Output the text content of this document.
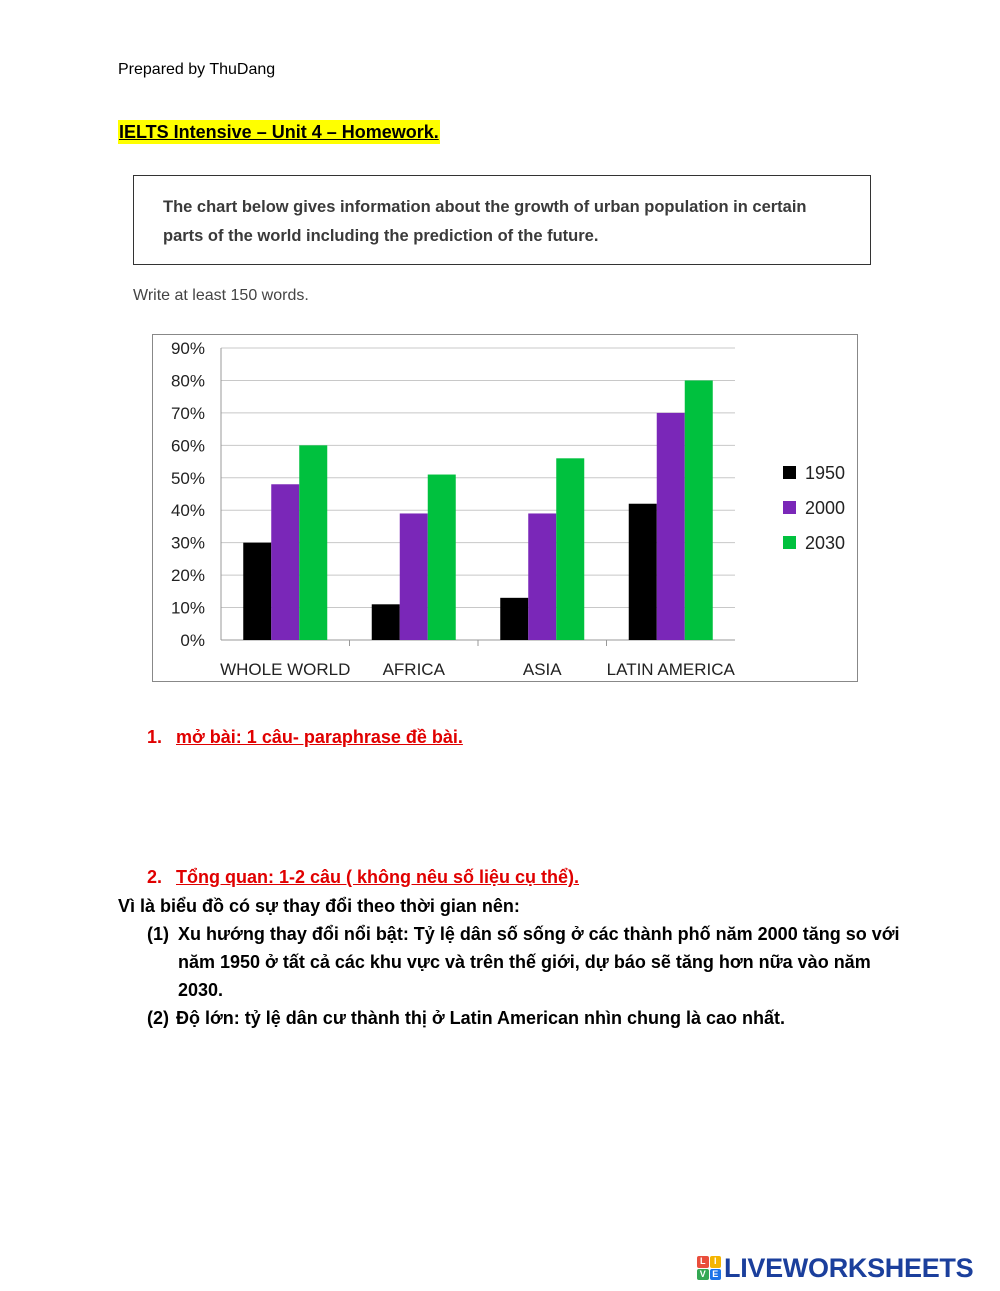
Prepared by ThuDang
IELTS Intensive – Unit 4 – Homework.
The chart below gives information about the growth of urban population in certain parts of the world including the prediction of the future.
Write at least 150 words.
0%
10%
20%
30%
40%
50%
60%
70%
80%
90%
WHOLE WORLD AFRICA	ASIA	LATIN AMERICA
1950
2000
2030
1. mở bài: 1 câu- paraphrase đề bài.
2. Tổng quan: 1-2 câu ( không nêu số liệu cụ thể).
Vì là biểu đồ có sự thay đổi theo thời gian nên:
(1) Xu hướng thay đổi nổi bật: Tỷ lệ dân số sống ở các thành phố năm 2000 tăng so với năm 1950 ở tất cả các khu vực và trên thế giới, dự báo sẽ tăng hơn nữa vào năm 2030.
(2) Độ lớn: tỷ lệ dân cư thành thị ở Latin American nhìn chung là cao nhất.
L I
V E LIVEWORKSHEETS
